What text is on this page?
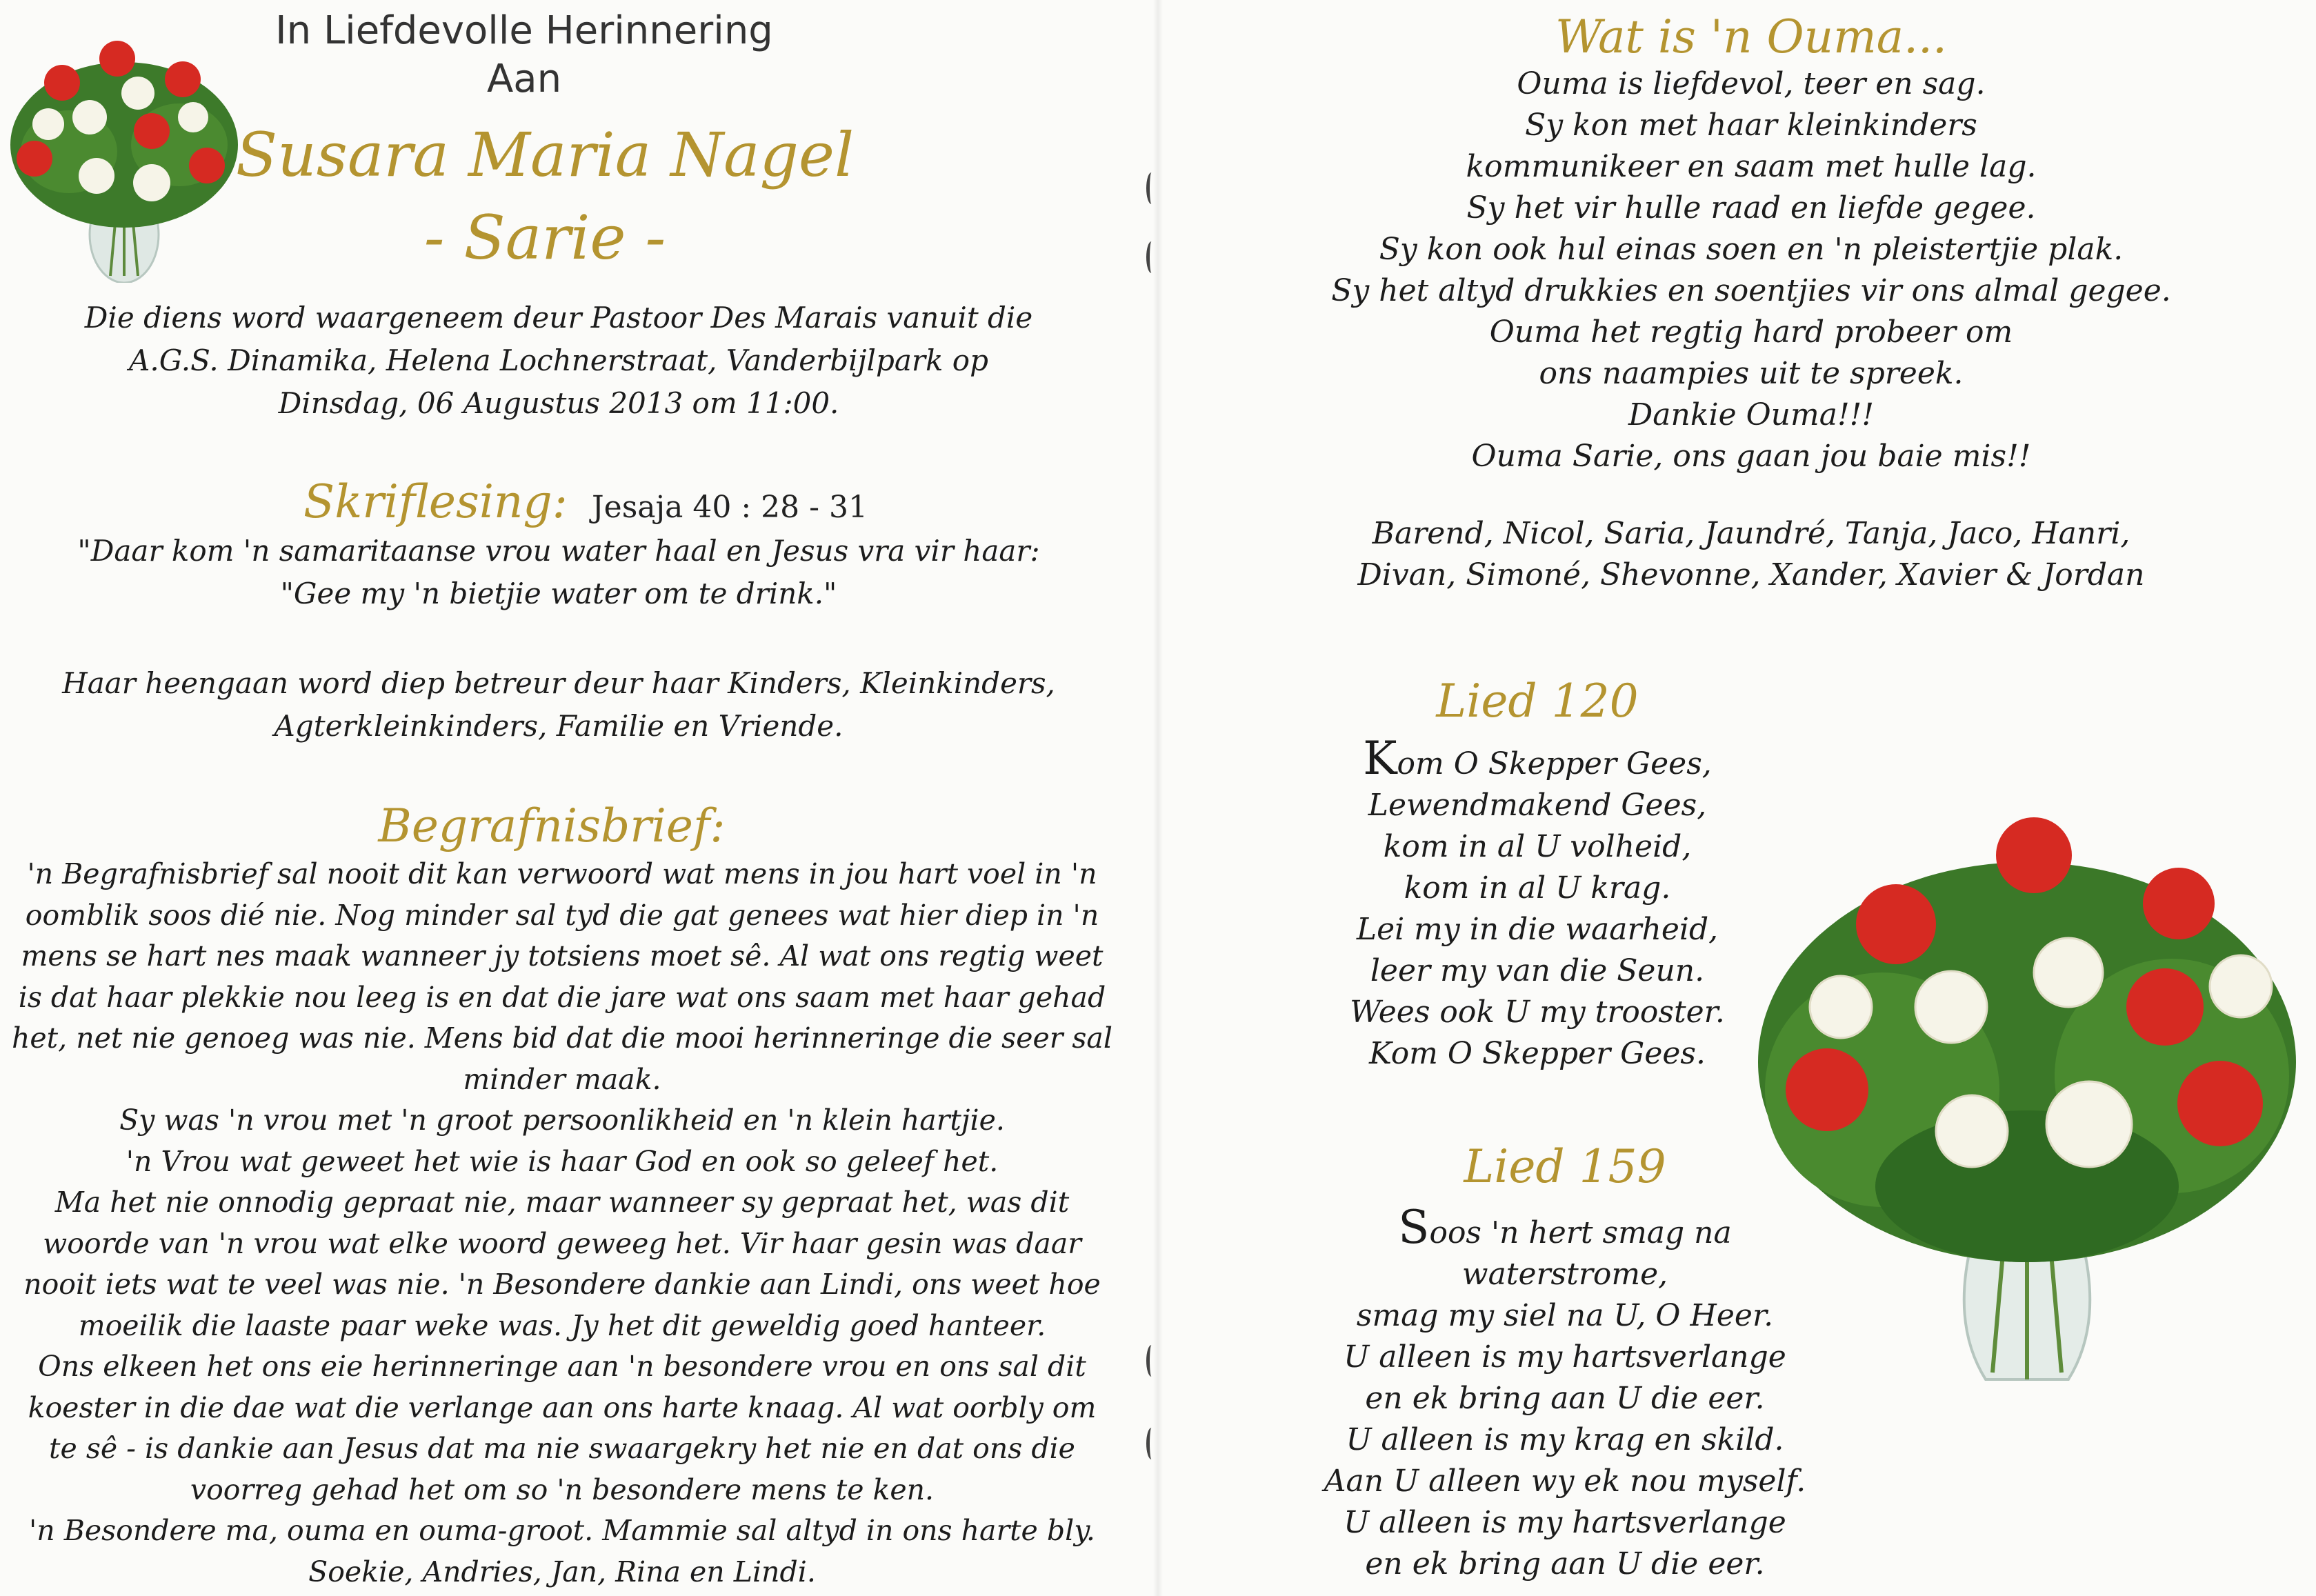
In Liefdevolle Herinnering
Aan
Susara Maria Nagel
- Sarie -
Die diens word waargeneem deur Pastoor Des Marais vanuit die
A.G.S. Dinamika, Helena Lochnerstraat, Vanderbijlpark op
Dinsdag, 06 Augustus 2013 om 11:00.
Skriflesing: Jesaja 40 : 28 - 31
"Daar kom 'n samaritaanse vrou water haal en Jesus vra vir haar:
"Gee my 'n bietjie water om te drink."
Haar heengaan word diep betreur deur haar Kinders, Kleinkinders,
Agterkleinkinders, Familie en Vriende.
Begrafnisbrief:
'n Begrafnisbrief sal nooit dit kan verwoord wat mens in jou hart voel in 'n
oomblik soos dié nie. Nog minder sal tyd die gat genees wat hier diep in 'n
mens se hart nes maak wanneer jy totsiens moet sê. Al wat ons regtig weet
is dat haar plekkie nou leeg is en dat die jare wat ons saam met haar gehad
het, net nie genoeg was nie. Mens bid dat die mooi herinneringe die seer sal
minder maak.
Sy was 'n vrou met 'n groot persoonlikheid en 'n klein hartjie.
'n Vrou wat geweet het wie is haar God en ook so geleef het.
Ma het nie onnodig gepraat nie, maar wanneer sy gepraat het, was dit
woorde van 'n vrou wat elke woord geweeg het. Vir haar gesin was daar
nooit iets wat te veel was nie. 'n Besondere dankie aan Lindi, ons weet hoe
moeilik die laaste paar weke was. Jy het dit geweldig goed hanteer.
Ons elkeen het ons eie herinneringe aan 'n besondere vrou en ons sal dit
koester in die dae wat die verlange aan ons harte knaag. Al wat oorbly om
te sê - is dankie aan Jesus dat ma nie swaargekry het nie en dat ons die
voorreg gehad het om so 'n besondere mens te ken.
'n Besondere ma, ouma en ouma-groot. Mammie sal altyd in ons harte bly.
Soekie, Andries, Jan, Rina en Lindi.
Wat is 'n Ouma...
Ouma is liefdevol, teer en sag.
Sy kon met haar kleinkinders
kommunikeer en saam met hulle lag.
Sy het vir hulle raad en liefde gegee.
Sy kon ook hul einas soen en 'n pleistertjie plak.
Sy het altyd drukkies en soentjies vir ons almal gegee.
Ouma het regtig hard probeer om
ons naampies uit te spreek.
Dankie Ouma!!!
Ouma Sarie, ons gaan jou baie mis!!
Barend, Nicol, Saria, Jaundré, Tanja, Jaco, Hanri,
Divan, Simoné, Shevonne, Xander, Xavier & Jordan
Lied 120
Kom O Skepper Gees,
Lewendmakend Gees,
kom in al U volheid,
kom in al U krag.
Lei my in die waarheid,
leer my van die Seun.
Wees ook U my trooster.
Kom O Skepper Gees.
Lied 159
Soos 'n hert smag na waterstrome,
smag my siel na U, O Heer.
U alleen is my hartsverlange
en ek bring aan U die eer.
U alleen is my krag en skild.
Aan U alleen wy ek nou myself.
U alleen is my hartsverlange
en ek bring aan U die eer.
